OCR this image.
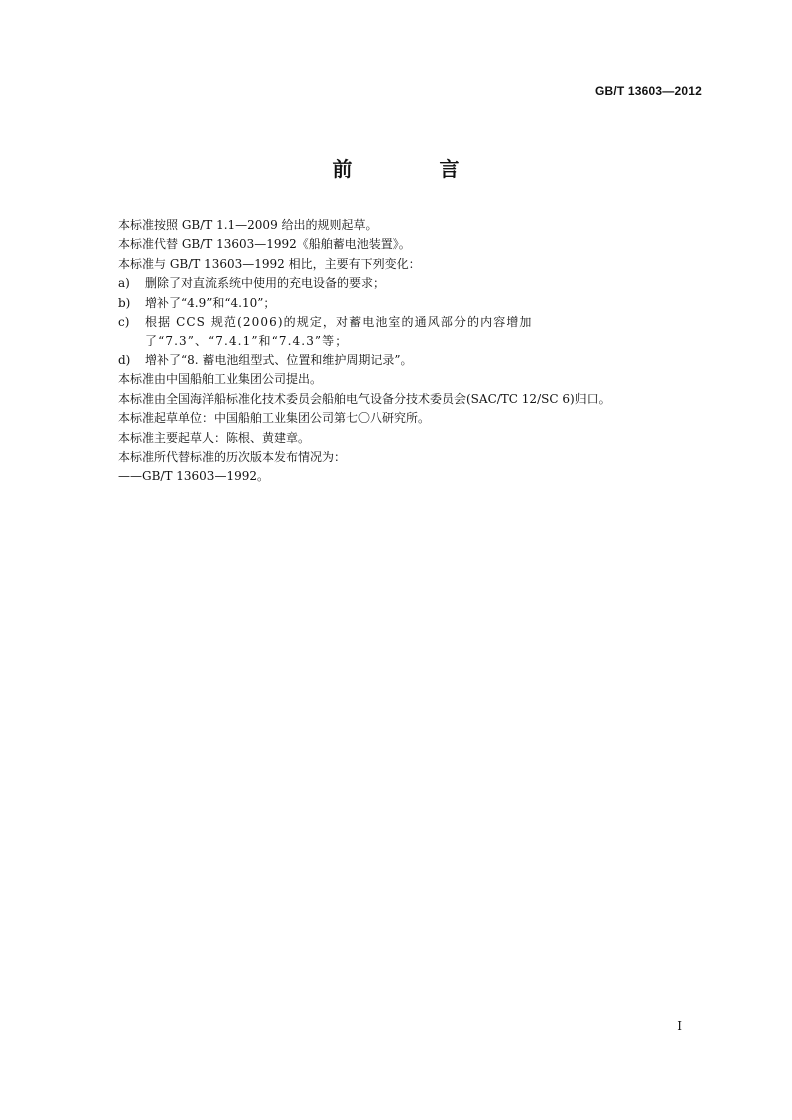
GB/T 13603—2012
前 言
本标准按照 GB/T 1.1—2009 给出的规则起草。
本标准代替 GB/T 13603—1992《船舶蓄电池装置》。
本标准与 GB/T 13603—1992 相比，主要有下列变化：
a)	删除了对直流系统中使用的充电设备的要求；
b)	增补了“4.9”和“4.10”；
c)	根据 CCS 规范(2006)的规定，对蓄电池室的通风部分的内容增加了“7.3”、“7.4.1”和“7.4.3”等；
d)	增补了“8. 蓄电池组型式、位置和维护周期记录”。
本标准由中国船舶工业集团公司提出。
本标准由全国海洋船标准化技术委员会船舶电气设备分技术委员会(SAC/TC 12/SC 6)归口。
本标准起草单位：中国船舶工业集团公司第七〇八研究所。
本标准主要起草人：陈根、黄建章。
本标准所代替标准的历次版本发布情况为：
——GB/T 13603—1992。
I
